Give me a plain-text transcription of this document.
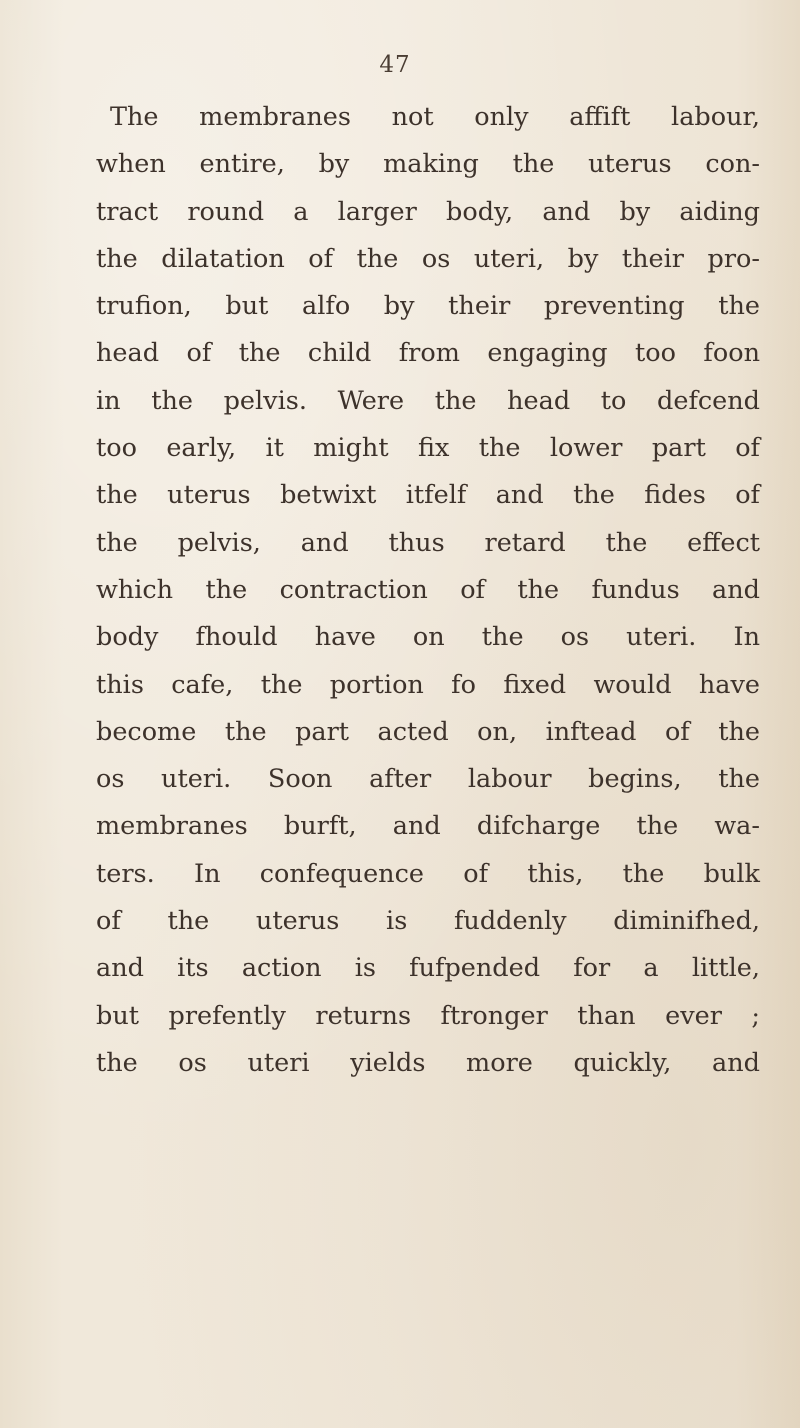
47
The membranes not only affift labour,
when entire, by making the uterus con-
tract round a larger body, and by aiding
the dilatation of the os uteri, by their pro-
trufion, but alfo by their preventing the
head of the child from engaging too foon
in the pelvis. Were the head to defcend
too early, it might fix the lower part of
the uterus betwixt itfelf and the fides of
the pelvis, and thus retard the effect
which the contraction of the fundus and
body fhould have on the os uteri. In
this cafe, the portion fo fixed would have
become the part acted on, inftead of the
os uteri. Soon after labour begins, the
membranes burft, and difcharge the wa-
ters. In confequence of this, the bulk
of the uterus is fuddenly diminifhed,
and its action is fufpended for a little,
but prefently returns ftronger than ever ;
the os uteri yields more quickly, and
